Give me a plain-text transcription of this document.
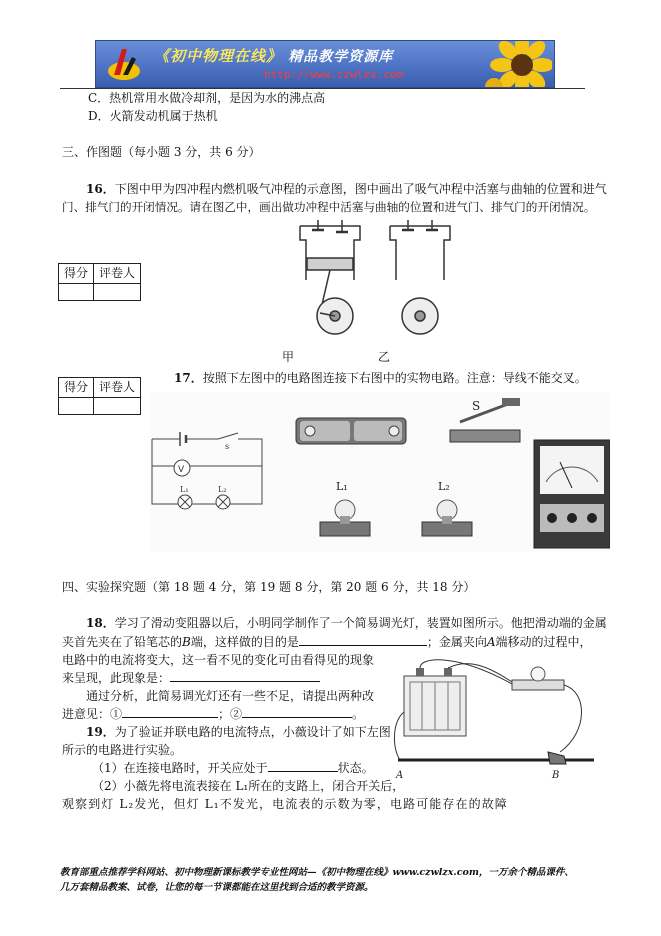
《初中物理在线》 精品教学资源库
http://www.czwlzx.com
C．热机常用水做冷却剂，是因为水的沸点高
D．火箭发动机属于热机
三、作图题（每小题 3 分，共 6 分）
16．下图中甲为四冲程内燃机吸气冲程的示意图，图中画出了吸气冲程中活塞与曲轴的位置和进气
门、排气门的开闭情况。请在图乙中，画出做功冲程中活塞与曲轴的位置和进气门、排气门的开闭情况。
得分	评卷人

甲	乙
得分	评卷人

17．按照下左图中的电路图连接下右图中的实物电路。注意：导线不能交叉。
s
V
L₁	L₂
S
L₁	L₂
四、实验探究题（第 18 题 4 分，第 19 题 8 分，第 20 题 6 分，共 18 分）
18．学习了滑动变阻器以后，小明同学制作了一个简易调光灯，装置如图所示。他把滑动端的金属
夹首先夹在了铅笔芯的B端，这样做的目的是	；金属夹向A端移动的过程中，
电路中的电流将变大，这一看不见的变化可由看得见的现象
来呈现，此现象是：
通过分析，此简易调光灯还有一些不足，请提出两种改
进意见：①	；②	。
A	B
19．为了验证并联电路的电流特点，小薇设计了如下左图
所示的电路进行实验。
（1）在连接电路时，开关应处于	状态。
（2）小薇先将电流表接在 L₁所在的支路上，闭合开关后，
观察到灯 L₂发光，但灯 L₁不发光，电流表的示数为零，电路可能存在的故障
教育部重点推荐学科网站、初中物理新课标教学专业性网站—《初中物理在线》www.czwlzx.com，一万余个精品课件、
几万套精品教案、试卷，让您的每一节课都能在这里找到合适的教学资源。
